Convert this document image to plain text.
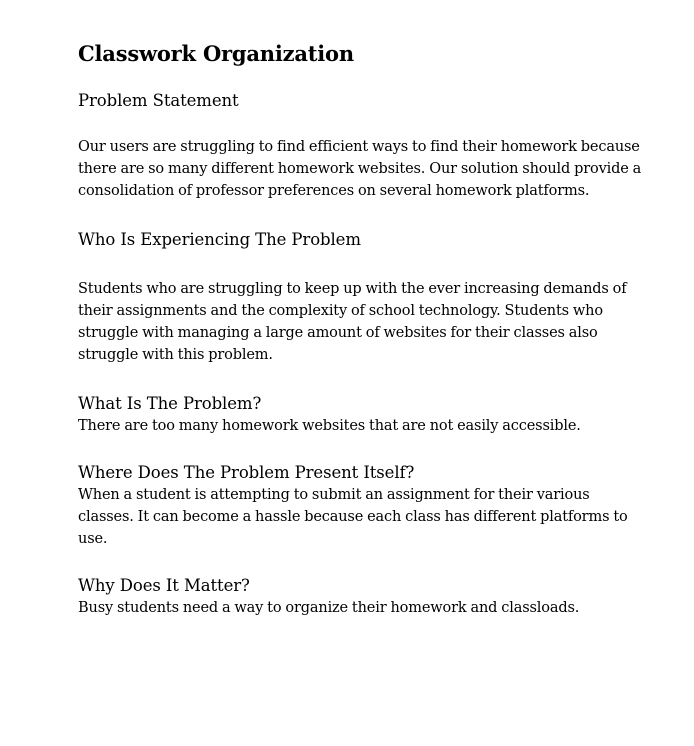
Classwork Organization
Problem Statement

Our users are struggling to find efficient ways to find their homework because there are so many different homework websites. Our solution should provide a consolidation of professor preferences on several homework platforms.

Who Is Experiencing The Problem

Students who are struggling to keep up with the ever increasing demands of their assignments and the complexity of school technology. Students who struggle with managing a large amount of websites for their classes also struggle with this problem.

What Is The Problem?

There are too many homework websites that are not easily accessible.

Where Does The Problem Present Itself?

When a student is attempting to submit an assignment for their various classes. It can become a hassle because each class has different platforms to use.

Why Does It Matter?

Busy students need a way to organize their homework and classloads.
